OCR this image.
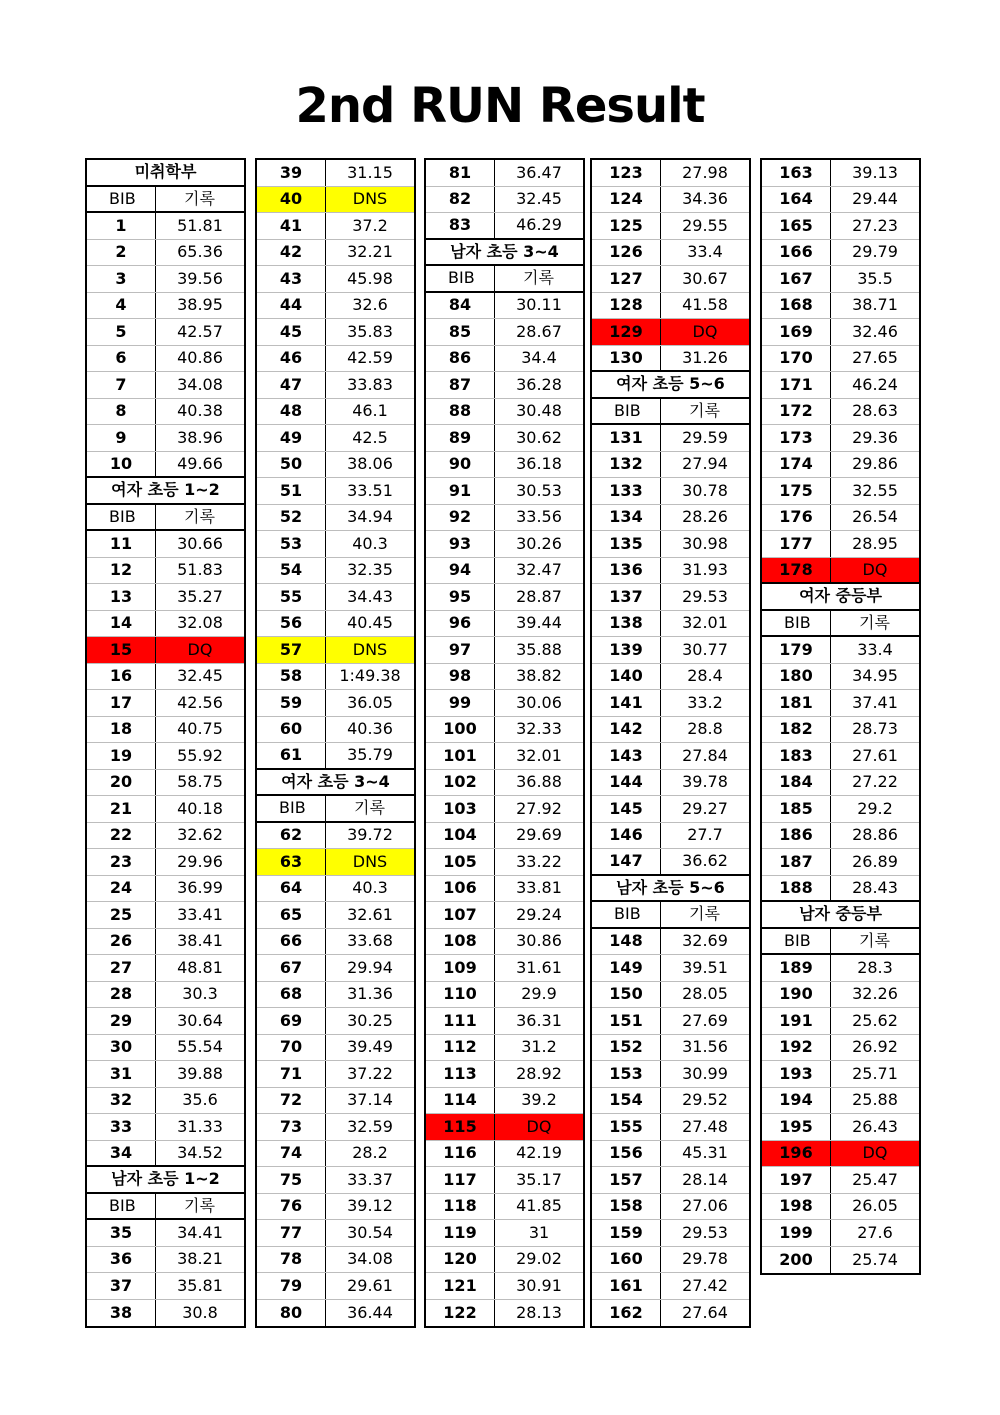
2nd RUN Result
미취학부
BIB	기록
1	51.81
2	65.36
3	39.56
4	38.95
5	42.57
6	40.86
7	34.08
8	40.38
9	38.96
10	49.66
여자 초등 1~2
BIB	기록
11	30.66
12	51.83
13	35.27
14	32.08
15	DQ
16	32.45
17	42.56
18	40.75
19	55.92
20	58.75
21	40.18
22	32.62
23	29.96
24	36.99
25	33.41
26	38.41
27	48.81
28	30.3
29	30.64
30	55.54
31	39.88
32	35.6
33	31.33
34	34.52
남자 초등 1~2
BIB	기록
35	34.41
36	38.21
37	35.81
38	30.8
39	31.15
40	DNS
41	37.2
42	32.21
43	45.98
44	32.6
45	35.83
46	42.59
47	33.83
48	46.1
49	42.5
50	38.06
51	33.51
52	34.94
53	40.3
54	32.35
55	34.43
56	40.45
57	DNS
58	1:49.38
59	36.05
60	40.36
61	35.79
여자 초등 3~4
BIB	기록
62	39.72
63	DNS
64	40.3
65	32.61
66	33.68
67	29.94
68	31.36
69	30.25
70	39.49
71	37.22
72	37.14
73	32.59
74	28.2
75	33.37
76	39.12
77	30.54
78	34.08
79	29.61
80	36.44
81	36.47
82	32.45
83	46.29
남자 초등 3~4
BIB	기록
84	30.11
85	28.67
86	34.4
87	36.28
88	30.48
89	30.62
90	36.18
91	30.53
92	33.56
93	30.26
94	32.47
95	28.87
96	39.44
97	35.88
98	38.82
99	30.06
100	32.33
101	32.01
102	36.88
103	27.92
104	29.69
105	33.22
106	33.81
107	29.24
108	30.86
109	31.61
110	29.9
111	36.31
112	31.2
113	28.92
114	39.2
115	DQ
116	42.19
117	35.17
118	41.85
119	31
120	29.02
121	30.91
122	28.13
123	27.98
124	34.36
125	29.55
126	33.4
127	30.67
128	41.58
129	DQ
130	31.26
여자 초등 5~6
BIB	기록
131	29.59
132	27.94
133	30.78
134	28.26
135	30.98
136	31.93
137	29.53
138	32.01
139	30.77
140	28.4
141	33.2
142	28.8
143	27.84
144	39.78
145	29.27
146	27.7
147	36.62
남자 초등 5~6
BIB	기록
148	32.69
149	39.51
150	28.05
151	27.69
152	31.56
153	30.99
154	29.52
155	27.48
156	45.31
157	28.14
158	27.06
159	29.53
160	29.78
161	27.42
162	27.64
163	39.13
164	29.44
165	27.23
166	29.79
167	35.5
168	38.71
169	32.46
170	27.65
171	46.24
172	28.63
173	29.36
174	29.86
175	32.55
176	26.54
177	28.95
178	DQ
여자 중등부
BIB	기록
179	33.4
180	34.95
181	37.41
182	28.73
183	27.61
184	27.22
185	29.2
186	28.86
187	26.89
188	28.43
남자 중등부
BIB	기록
189	28.3
190	32.26
191	25.62
192	26.92
193	25.71
194	25.88
195	26.43
196	DQ
197	25.47
198	26.05
199	27.6
200	25.74
